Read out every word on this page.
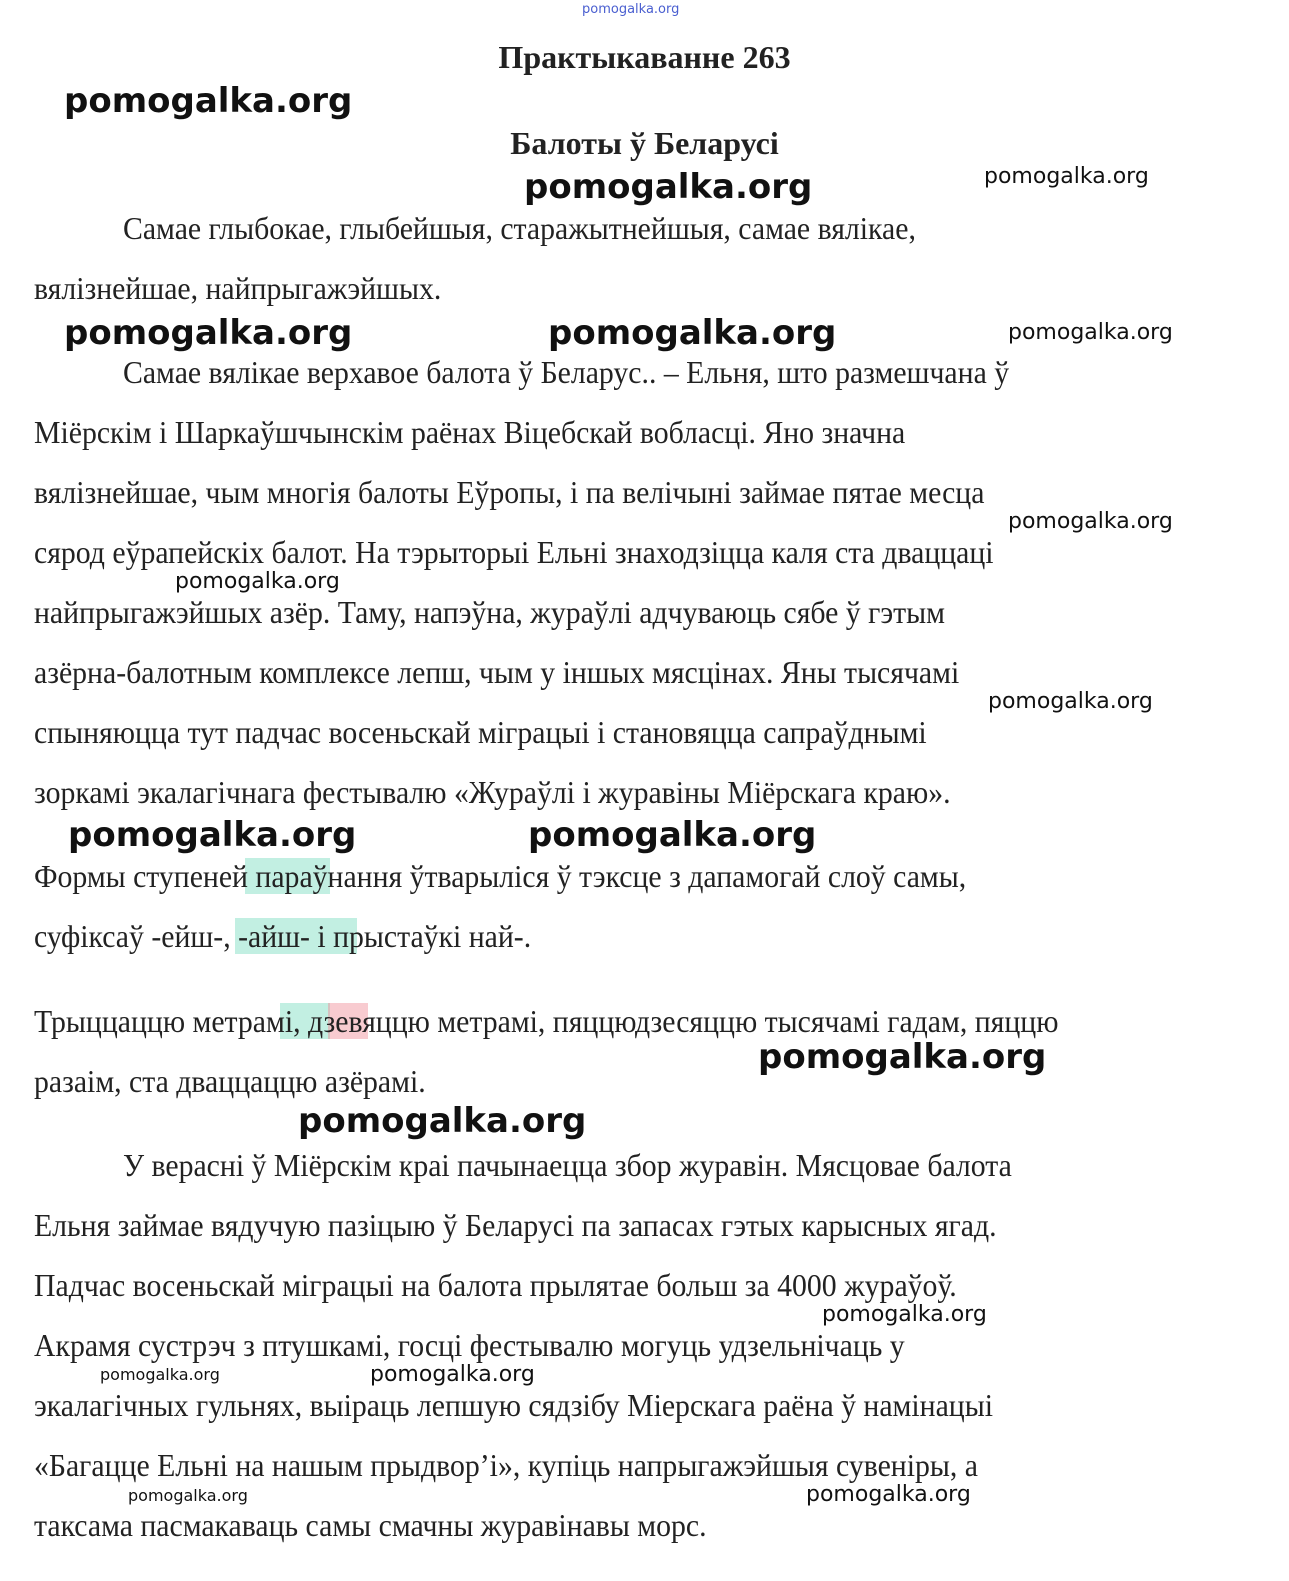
pomogalka.org
Практыкаванне 263
Балоты ў Беларусі
Самае глыбокае, глыбейшыя, старажытнейшыя, самае вялікае,
вялізнейшае, найпрыгажэйшых.
Самае вялікае верхавое балота ў Беларус.. – Ельня, што размешчана ў
Міёрскім і Шаркаўшчынскім раёнах Віцебскай вобласці. Яно значна
вялізнейшае, чым многія балоты Еўропы, і па велічыні займае пятае месца
сярод еўрапейскіх балот. На тэрыторыі Ельні знаходзіцца каля ста дваццаці
найпрыгажэйшых азёр. Таму, напэўна, жураўлі адчуваюць сябе ў гэтым
азёрна-балотным комплексе лепш, чым у іншых мясцінах. Яны тысячамі
спыняюцца тут падчас восеньскай міграцыі і становяцца сапраўднымі
зоркамі экалагічнага фестывалю «Жураўлі і журавіны Міёрскага краю».
Формы ступеней параўнання ўтварыліся ў тэксце з дапамогай слоў самы,
суфіксаў -ейш-, -айш- і прыстаўкі най-.
Трыццаццю метрамі, дзевяццю метрамі, пяццюдзесяццю тысячамі гадам, пяццю
разаім, ста дваццаццю азёрамі.
У верасні ў Міёрскім краі пачынаецца збор журавін. Мясцовае балота
Ельня займае вядучую пазіцыю ў Беларусі па запасах гэтых карысных ягад.
Падчас восеньскай міграцыі на балота прылятае больш за 4000 жураўоў.
Акрамя сустрэч з птушкамі, госці фестывалю могуць удзельнічаць у
экалагічных гульнях, выіраць лепшую сядзібу Міерскага раёна ў намінацыі
«Багацце Ельні на нашым прыдвор’і», купіць напрыгажэйшыя сувеніры, а
таксама пасмакаваць самы смачны журавінавы морс.
pomogalka.org
pomogalka.org
pomogalka.org
pomogalka.org	pomogalka.org
pomogalka.org
pomogalka.org
pomogalka.org
pomogalka.org
pomogalka.org	pomogalka.org
pomogalka.org
pomogalka.org
pomogalka.org
pomogalka.org	pomogalka.org
pomogalka.org	pomogalka.org
